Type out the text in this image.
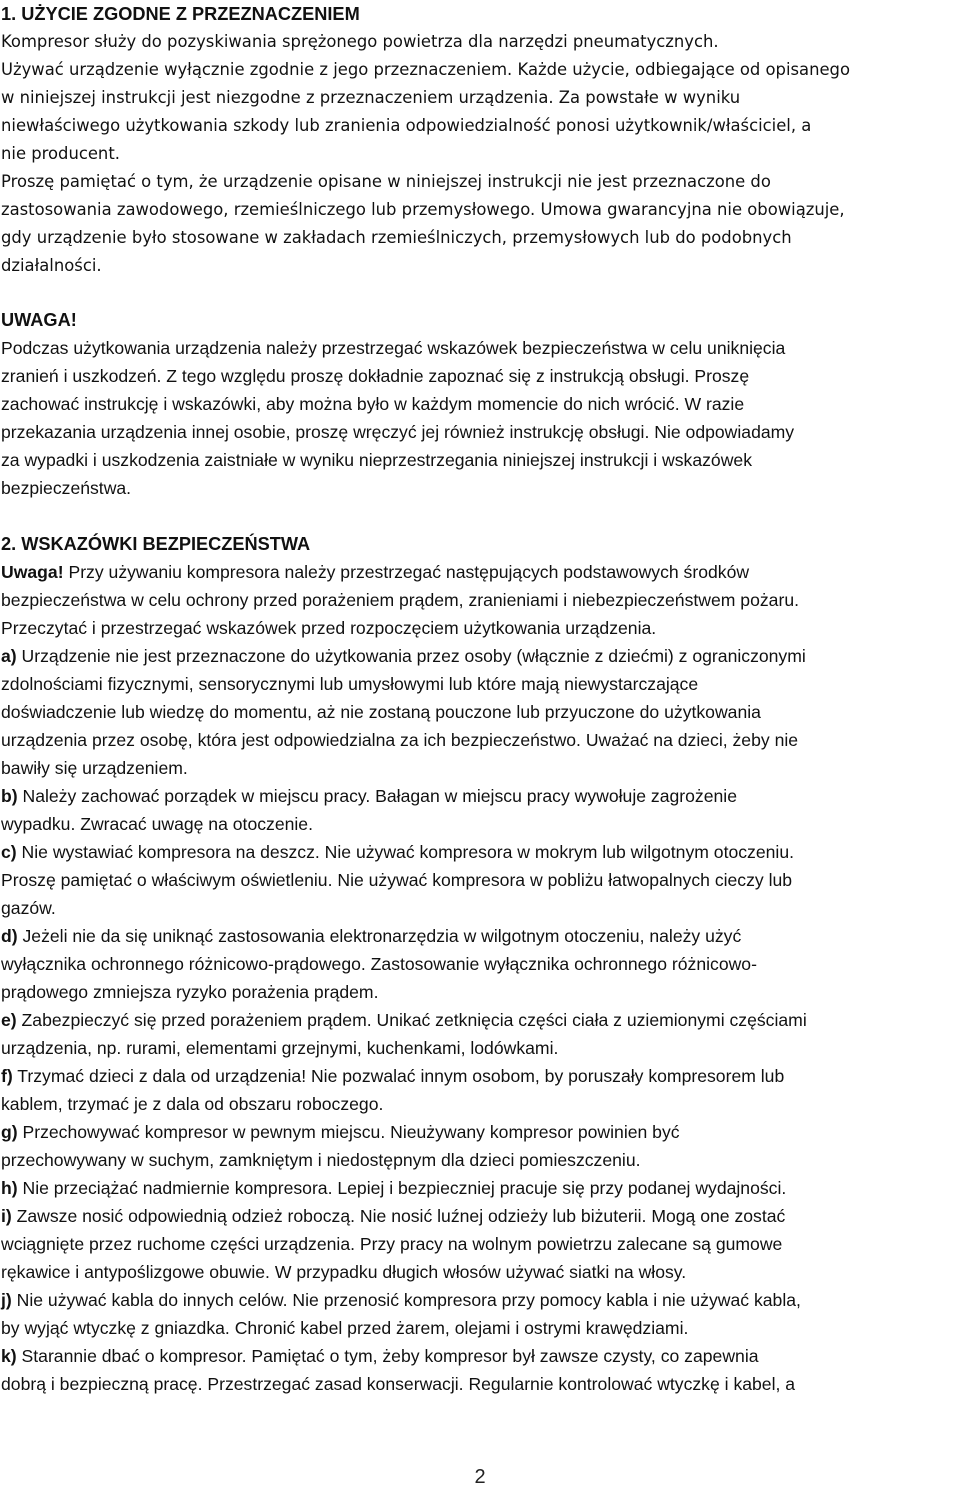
1. UŻYCIE ZGODNE Z PRZEZNACZENIEM
Kompresor służy do pozyskiwania sprężonego powietrza dla narzędzi pneumatycznych.
Używać urządzenie wyłącznie zgodnie z jego przeznaczeniem. Każde użycie, odbiegające od opisanego
w niniejszej instrukcji jest niezgodne z przeznaczeniem urządzenia. Za powstałe w wyniku
niewłaściwego użytkowania szkody lub zranienia odpowiedzialność ponosi użytkownik/właściciel, a
nie producent.
Proszę pamiętać o tym, że urządzenie opisane w niniejszej instrukcji nie jest przeznaczone do
zastosowania zawodowego, rzemieślniczego lub przemysłowego. Umowa gwarancyjna nie obowiązuje,
gdy urządzenie było stosowane w zakładach rzemieślniczych, przemysłowych lub do podobnych
działalności.
UWAGA!
Podczas użytkowania urządzenia należy przestrzegać wskazówek bezpieczeństwa w celu uniknięcia
zranień i uszkodzeń. Z tego względu proszę dokładnie zapoznać się z instrukcją obsługi. Proszę
zachować instrukcję i wskazówki, aby można było w każdym momencie do nich wrócić. W razie
przekazania urządzenia innej osobie, proszę wręczyć jej również instrukcję obsługi. Nie odpowiadamy
za wypadki i uszkodzenia zaistniałe w wyniku nieprzestrzegania niniejszej instrukcji i wskazówek
bezpieczeństwa.
2. WSKAZÓWKI BEZPIECZEŃSTWA
Uwaga! Przy używaniu kompresora należy przestrzegać następujących podstawowych środków
bezpieczeństwa w celu ochrony przed porażeniem prądem, zranieniami i niebezpieczeństwem pożaru.
Przeczytać i przestrzegać wskazówek przed rozpoczęciem użytkowania urządzenia.
a) Urządzenie nie jest przeznaczone do użytkowania przez osoby (włącznie z dziećmi) z ograniczonymi
zdolnościami fizycznymi, sensorycznymi lub umysłowymi lub które mają niewystarczające
doświadczenie lub wiedzę do momentu, aż nie zostaną pouczone lub przyuczone do użytkowania
urządzenia przez osobę, która jest odpowiedzialna za ich bezpieczeństwo. Uważać na dzieci, żeby nie
bawiły się urządzeniem.
b) Należy zachować porządek w miejscu pracy. Bałagan w miejscu pracy wywołuje zagrożenie
wypadku. Zwracać uwagę na otoczenie.
c) Nie wystawiać kompresora na deszcz. Nie używać kompresora w mokrym lub wilgotnym otoczeniu.
Proszę pamiętać o właściwym oświetleniu. Nie używać kompresora w pobliżu łatwopalnych cieczy lub
gazów.
d) Jeżeli nie da się uniknąć zastosowania elektronarzędzia w wilgotnym otoczeniu, należy użyć
wyłącznika ochronnego różnicowo-prądowego. Zastosowanie wyłącznika ochronnego różnicowo-
prądowego zmniejsza ryzyko porażenia prądem.
e) Zabezpieczyć się przed porażeniem prądem. Unikać zetknięcia części ciała z uziemionymi częściami
urządzenia, np. rurami, elementami grzejnymi, kuchenkami, lodówkami.
f) Trzymać dzieci z dala od urządzenia! Nie pozwalać innym osobom, by poruszały kompresorem lub
kablem, trzymać je z dala od obszaru roboczego.
g) Przechowywać kompresor w pewnym miejscu. Nieużywany kompresor powinien być
przechowywany w suchym, zamkniętym i niedostępnym dla dzieci pomieszczeniu.
h) Nie przeciążać nadmiernie kompresora. Lepiej i bezpieczniej pracuje się przy podanej wydajności.
i) Zawsze nosić odpowiednią odzież roboczą. Nie nosić luźnej odzieży lub biżuterii. Mogą one zostać
wciągnięte przez ruchome części urządzenia. Przy pracy na wolnym powietrzu zalecane są gumowe
rękawice i antypoślizgowe obuwie. W przypadku długich włosów używać siatki na włosy.
j) Nie używać kabla do innych celów. Nie przenosić kompresora przy pomocy kabla i nie używać kabla,
by wyjąć wtyczkę z gniazdka. Chronić kabel przed żarem, olejami i ostrymi krawędziami.
k) Starannie dbać o kompresor. Pamiętać o tym, żeby kompresor był zawsze czysty, co zapewnia
dobrą i bezpieczną pracę. Przestrzegać zasad konserwacji. Regularnie kontrolować wtyczkę i kabel, a
2
